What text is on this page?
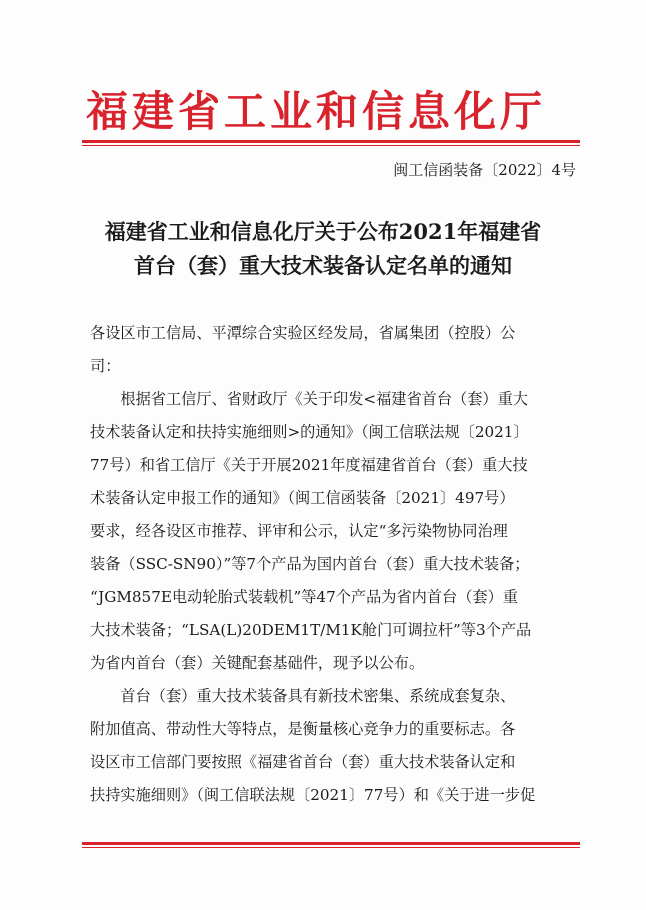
福建省工业和信息化厅
闽工信函装备〔2022〕4号
福建省工业和信息化厅关于公布2021年福建省
首台（套）重大技术装备认定名单的通知
各设区市工信局、平潭综合实验区经发局，省属集团（控股）公
司：
　　根据省工信厅、省财政厅《关于印发<福建省首台（套）重大
技术装备认定和扶持实施细则>的通知》（闽工信联法规〔2021〕
77号）和省工信厅《关于开展2021年度福建省首台（套）重大技
术装备认定申报工作的通知》（闽工信函装备〔2021〕497号）
要求，经各设区市推荐、评审和公示，认定“多污染物协同治理
装备（SSC-SN90）”等7个产品为国内首台（套）重大技术装备；
“JGM857E电动轮胎式装载机”等47个产品为省内首台（套）重
大技术装备；“LSA(L)20DEM1T/M1K舱门可调拉杆”等3个产品
为省内首台（套）关键配套基础件，现予以公布。
　　首台（套）重大技术装备具有新技术密集、系统成套复杂、
附加值高、带动性大等特点，是衡量核心竞争力的重要标志。各
设区市工信部门要按照《福建省首台（套）重大技术装备认定和
扶持实施细则》（闽工信联法规〔2021〕77号）和《关于进一步促
